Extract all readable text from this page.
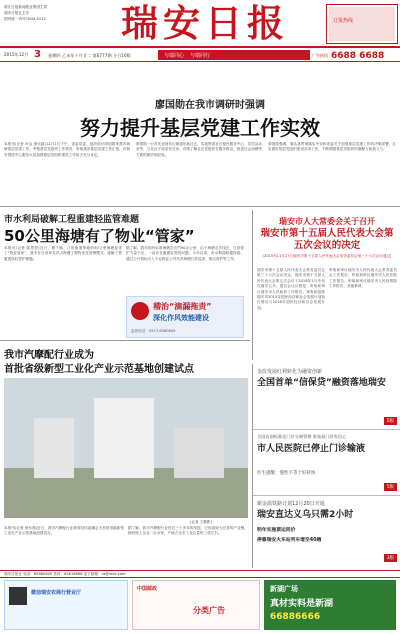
浙江日报新闻报业集团主管
瑞安日报社主办
国内统一刊号CN33-0112	瑞安日报	订报热线
2015年12月 3 星期四 乙未年十月廿二 第6777期 今日16版	与瑞同心 与瑞同行	广告热线 6688 6688
廖国勋在我市调研时强调
努力提升基层党建工作实效
本报讯(记者 叶洁 徐宗越)12月1日下午，省委常委、组织部长廖国勋来我市调研基层党建工作，考察基层党组织工作情况，听取我市基层党建工作汇报，对瑞安围绕中心服务大局加强基层党组织建设工作给予充分肯定。
廖国勋一行首先来到东山街道东新社区，实地察看社区便民服务中心、党员活动室等，与社区干部亲切交谈，详细了解社区党组织在服务群众、推进社会治理等方面的做法和经验。
廖国勋强调，要认真贯彻落实中央和省委关于加强基层党建工作的决策部署，扎实做好基层党组织建设各项工作，不断增强基层党组织的凝聚力和战斗力。
市水利局破解工程重建轻监管难题
50公里海塘有了物业“管家”
本报讯(记者 陈思思)近日，塘下镇、汀田街道等地的50公里海塘迎来了“物业管家”，我市在全省率先试点海塘工程物业化管理模式，破解工程重建设轻管护难题。
据了解，我市现有标准海塘总长约90余公里，由于海塘点多线长，日常管护力量不足，一直存在重建轻管的问题。今年以来，市水利局积极探索，通过公开招标引入专业物业公司负责海塘日常巡查、保洁养护等工作。
稽治“滴漏拖责”
深化作风效能建设
监督电话：0577-6580609
瑞安市人大常委会关于召开
瑞安市第十五届人民代表大会第五次会议的决定
(2015年11月27日瑞安市第十五届人民代表大会常务委员会第三十六次会议通过)
瑞安市第十五届人民代表大会常务委员会第三十六次会议决定，瑞安市第十五届人民代表大会第五次会议于2016年1月中旬在瑞安召开。建议会议议程是：听取和审议瑞安市人民政府工作报告；审查和批准瑞安市2015年国民经济和社会发展计划执行情况与2016年国民经济和社会发展计划。
听取和审议瑞安市人民代表大会常务委员会工作报告；听取和审议瑞安市人民法院工作报告；听取和审议瑞安市人民检察院工作报告；其他事项。
我市汽摩配行业成为
首批省级新型工业化产业示范基地创建试点
(记者 王勤彬)
本报讯(记者 徐东燕)近日，我市汽摩配行业被省经信委确定为首批省级新型工业化产业示范基地创建试点。
据了解，我市汽摩配行业经过三十多年的发展，已形成较为完善的产业链，拥有规上企业二百余家，产值占全市工业总量的三成左右。
金改发展红利转化为融资创新
全国首单“信保贷”融资落地瑞安
5版
全国首创标准化门诊分离管理 家家看门诊有信心
市人民医院已停止门诊输液
医生提醒：慢性不等于好转快
5版
新金温铁路计划12月20日开通
瑞安直达义乌只需2小时
明年实施票运同价
停靠瑞安火车站列车增至40趟
3版
瑞安日报社 电话：65880609 传真：65816888 电子邮箱：ra@rabc.com
微信瑞安农商行营业厅
中国邮政
分类广告
新湖广场
真材实料是新湖
66886666
